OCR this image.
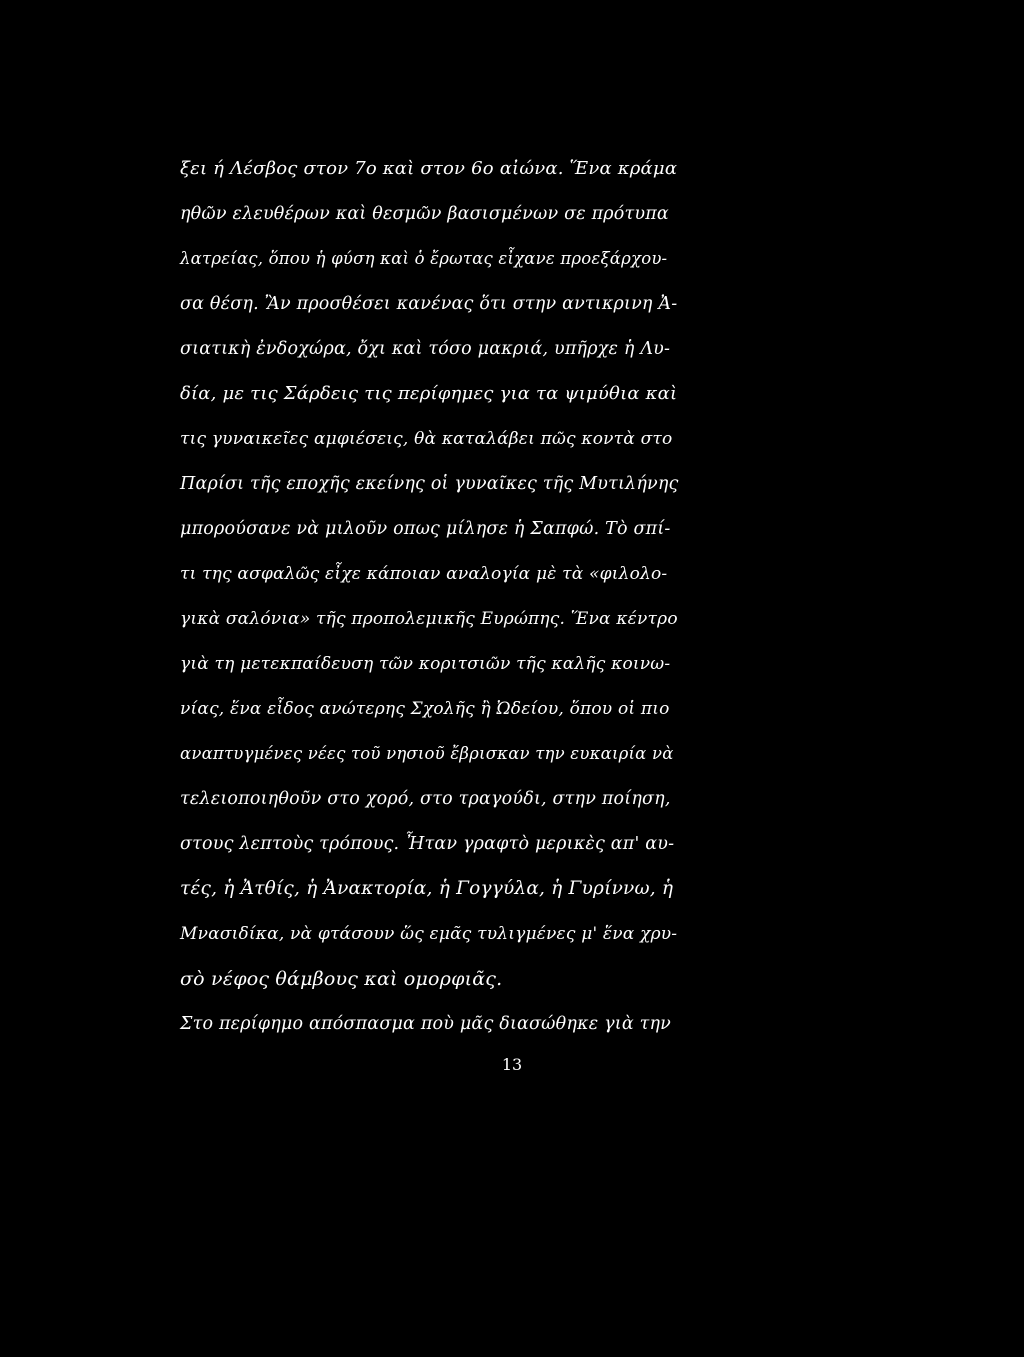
ξει ή Λέσβος στον 7ο καὶ στον 6ο αἰώνα. Ἕνα κράμα
ηθῶν ελευθέρων καὶ θεσμῶν βασισμένων σε πρότυπα
λατρείας, ὅπου ἡ φύση καὶ ὁ ἔρωτας εἶχανε προεξάρχου-
σα θέση. Ἂν προσθέσει κανένας ὅτι στην αντικρινη Ἀ-
σιατικὴ ἐνδοχώρα, ὄχι καὶ τόσο μακριά, υπῆρχε ἡ Λυ-
δία, με τις Σάρδεις τις περίφημες για τα ψιμύθια καὶ
τις γυναικεῖες αμφιέσεις, θὰ καταλάβει πῶς κοντὰ στο
Παρίσι τῆς εποχῆς εκείνης οἱ γυναῖκες τῆς Μυτιλήνης
μπορούσανε νὰ μιλοῦν οπως μίλησε ἡ Σαπφώ. Τὸ σπί-
τι της ασφαλῶς εἶχε κάποιαν αναλογία μὲ τὰ «φιλολο-
γικὰ σαλόνια» τῆς προπολεμικῆς Ευρώπης. Ἕνα κέντρο
γιὰ τη μετεκπαίδευση τῶν κοριτσιῶν τῆς καλῆς κοινω-
νίας, ἕνα εἶδος ανώτερης Σχολῆς ἢ Ὠδείου, ὅπου οἱ πιο
αναπτυγμένες νέες τοῦ νησιοῦ ἔβρισκαν την ευκαιρία νὰ
τελειοποιηθοῦν στο χορό, στο τραγούδι, στην ποίηση,
στους λεπτοὺς τρόπους. Ἦταν γραφτὸ μερικὲς απ' αυ-
τές, ἡ Ἀτθίς, ἡ Ἀνακτορία, ἡ Γογγύλα, ἡ Γυρίννω, ἡ
Μνασιδίκα, νὰ φτάσουν ὥς εμᾶς τυλιγμένες μ' ἕνα χρυ-
σὸ νέφος θάμβους καὶ ομορφιᾶς.
Στο περίφημο απόσπασμα ποὺ μᾶς διασώθηκε γιὰ την
13
